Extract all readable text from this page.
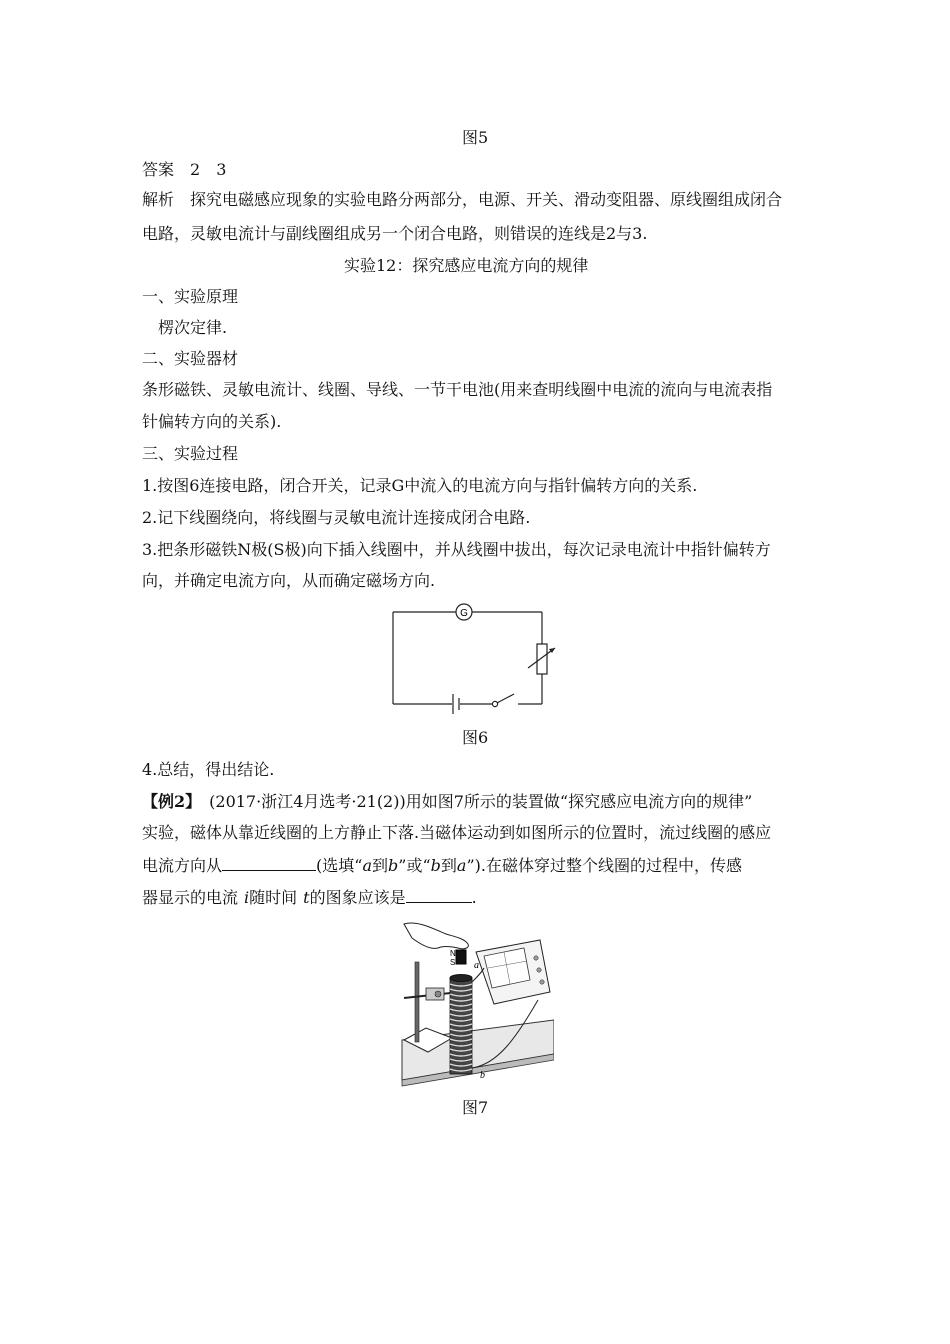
图5
答案 2 3
解析 探究电磁感应现象的实验电路分两部分，电源、开关、滑动变阻器、原线圈组成闭合
电路，灵敏电流计与副线圈组成另一个闭合电路，则错误的连线是2与3.
实验12：探究感应电流方向的规律
一、实验原理
楞次定律.
二、实验器材
条形磁铁、灵敏电流计、线圈、导线、一节干电池(用来查明线圈中电流的流向与电流表指
针偏转方向的关系).
三、实验过程
1.按图6连接电路，闭合开关，记录G中流入的电流方向与指针偏转方向的关系.
2.记下线圈绕向，将线圈与灵敏电流计连接成闭合电路.
3.把条形磁铁N极(S极)向下插入线圈中，并从线圈中拔出，每次记录电流计中指针偏转方
向，并确定电流方向，从而确定磁场方向.
G
图6
4.总结，得出结论.
【例2】 (2017·浙江4月选考·21(2))用如图7所示的装置做“探究感应电流方向的规律”
实验，磁体从靠近线圈的上方静止下落.当磁体运动到如图所示的位置时，流过线圈的感应
电流方向从	(选填“a到b”或“b到a”).在磁体穿过整个线圈的过程中，传感
器显示的电流 i随时间 t的图象应该是	.
N
S a
b
图7
